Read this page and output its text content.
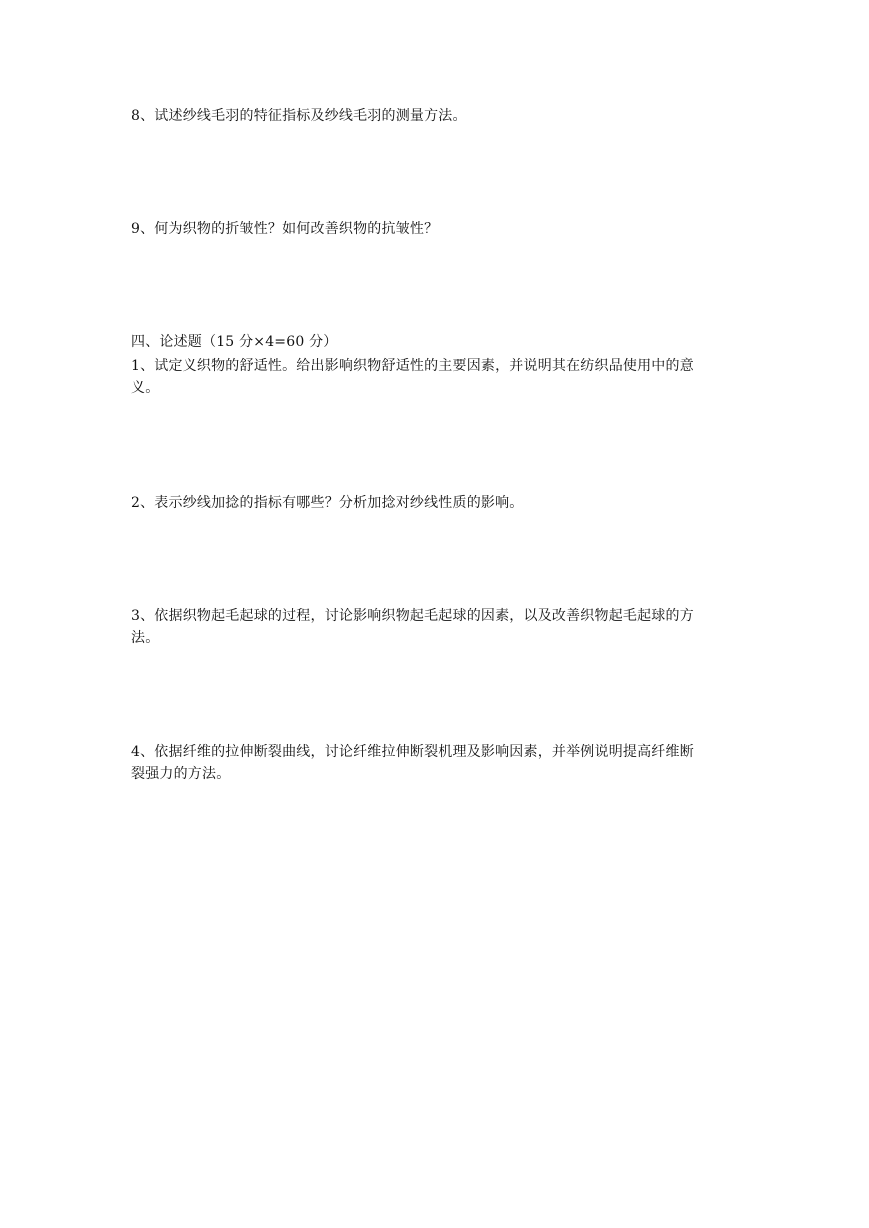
8、试述纱线毛羽的特征指标及纱线毛羽的测量方法。
9、何为织物的折皱性？如何改善织物的抗皱性？
四、论述题（15 分×4=60 分）
1、试定义织物的舒适性。给出影响织物舒适性的主要因素，并说明其在纺织品使用中的意
义。
2、表示纱线加捻的指标有哪些？分析加捻对纱线性质的影响。
3、依据织物起毛起球的过程，讨论影响织物起毛起球的因素，以及改善织物起毛起球的方
法。
4、依据纤维的拉伸断裂曲线，讨论纤维拉伸断裂机理及影响因素，并举例说明提高纤维断
裂强力的方法。
